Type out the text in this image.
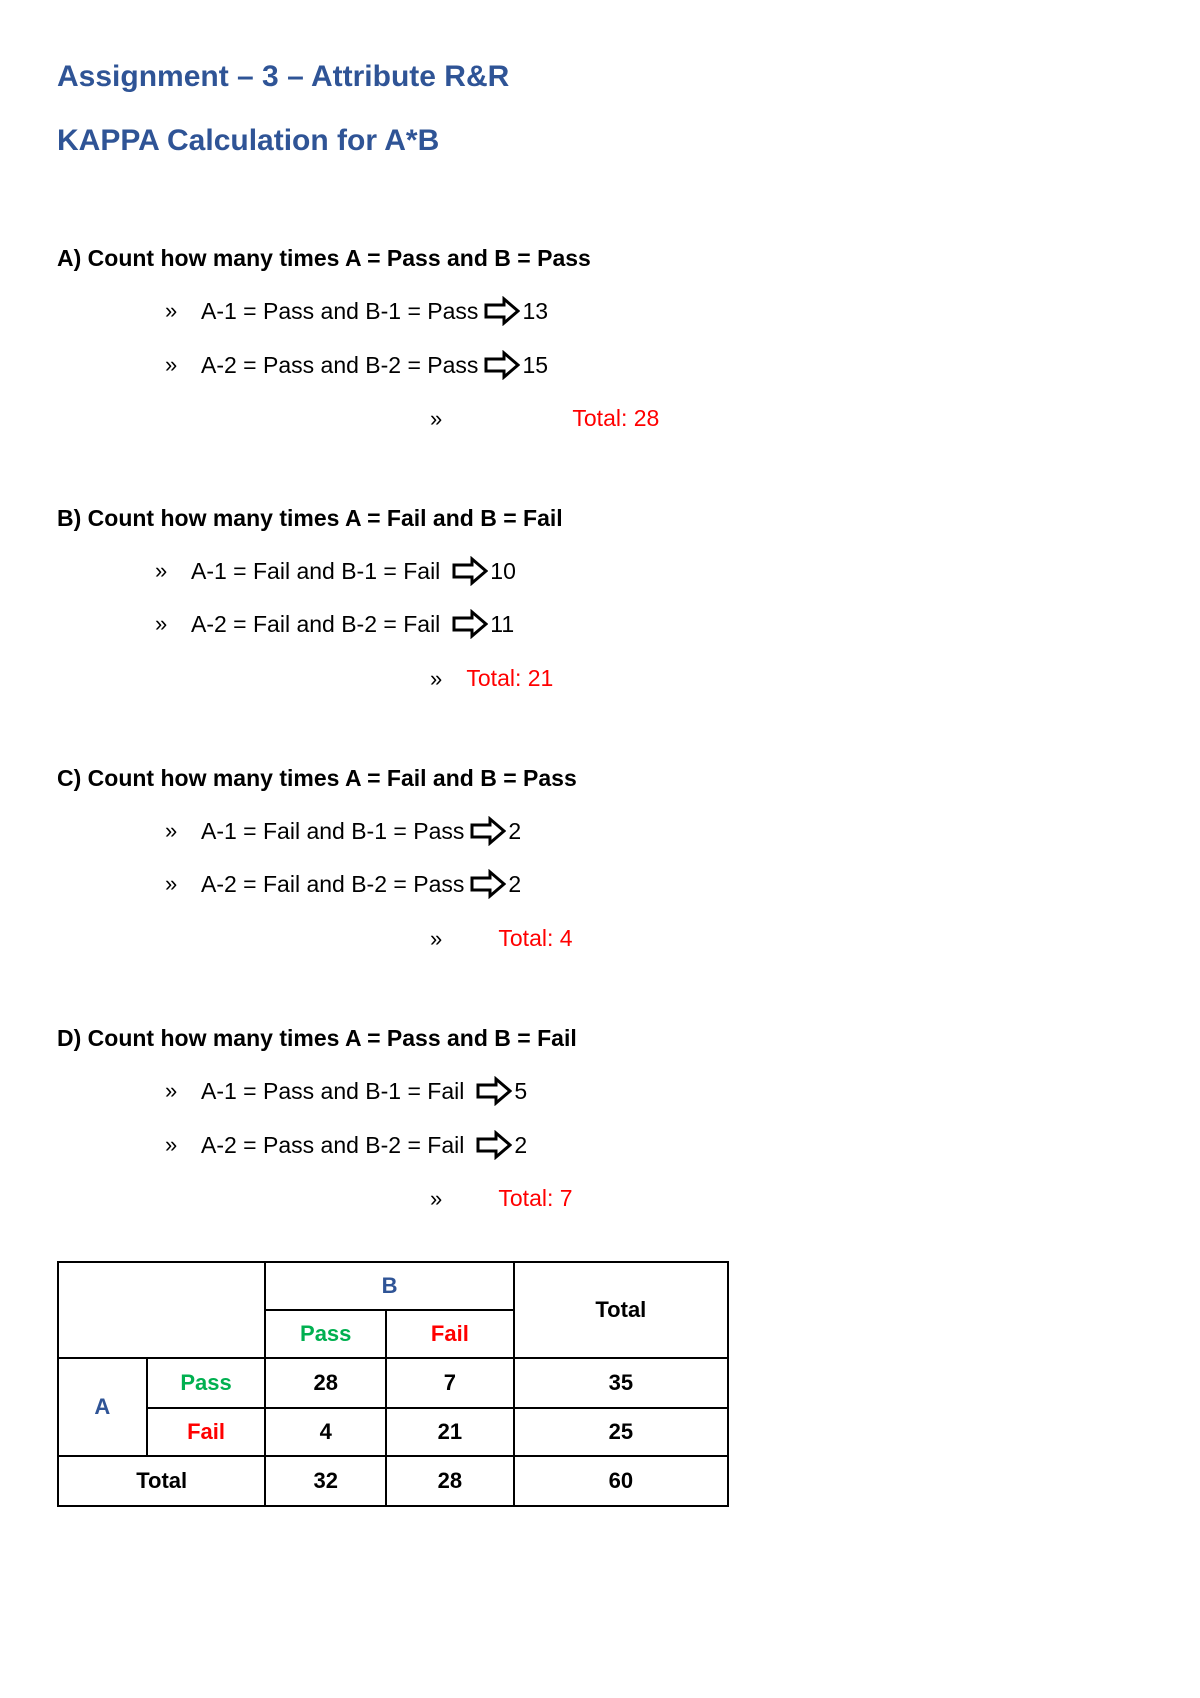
Assignment – 3 – Attribute R&R
KAPPA Calculation for A*B
A) Count how many times A = Pass and B = Pass
»	A-1 = Pass and B-1 = Pass 13
»	A-2 = Pass and B-2 = Pass 15
»	Total: 28
B) Count how many times A = Fail and B = Fail
»	A-1 = Fail and B-1 = Fail 10
»	A-2 = Fail and B-2 = Fail 11
» Total: 21
C) Count how many times A = Fail and B = Pass
»	A-1 = Fail and B-1 = Pass 2
»	A-2 = Fail and B-2 = Pass 2
» Total: 4
D) Count how many times A = Pass and B = Fail
»	A-1 = Pass and B-1 = Fail 5
»	A-2 = Pass and B-2 = Fail 2
» Total: 7
		B		Total
		Pass	Fail	
A	Pass	28	7	35
	Fail	4	21	25
Total		32	28	60
